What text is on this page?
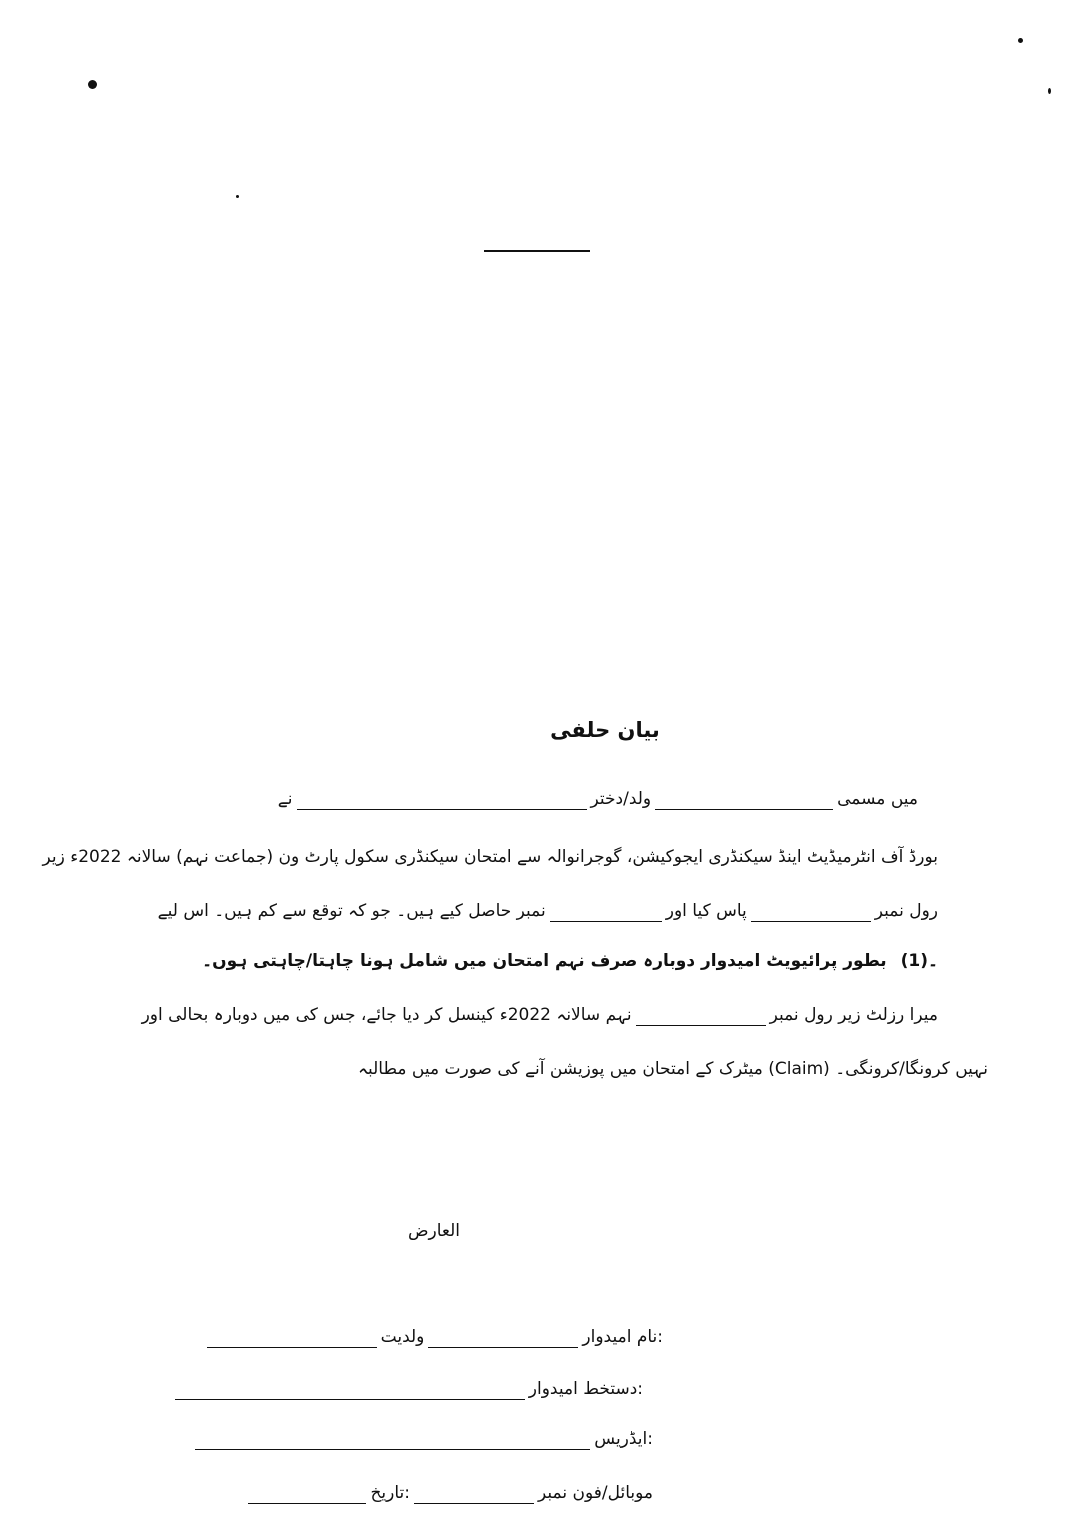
بیان حلفی
میں مسمی
ولد/دختر
نے
بورڈ آف انٹرمیڈیٹ اینڈ سیکنڈری ایجوکیشن، گوجرانوالہ سے امتحان سیکنڈری سکول پارٹ ون (جماعت نہم) سالانہ 2022ء زیر
رول نمبر
پاس کیا اور
نمبر حاصل کیے ہیں۔ جو کہ توقع سے کم ہیں۔ اس لیے
(1)۔
بطور پرائیویٹ امیدوار دوبارہ صرف نہم امتحان میں شامل ہونا چاہتا/چاہتی ہوں۔
میرا رزلٹ زیر رول نمبر
نہم سالانہ 2022ء کینسل کر دیا جائے، جس کی میں دوبارہ بحالی اور
میٹرک کے امتحان میں پوزیشن آنے کی صورت میں مطالبہ (Claim) نہیں کرونگا/کرونگی۔
العارض
نام امیدوار:
ولدیت
دستخط امیدوار:
ایڈریس:
موبائل/فون نمبر
تاریخ:
